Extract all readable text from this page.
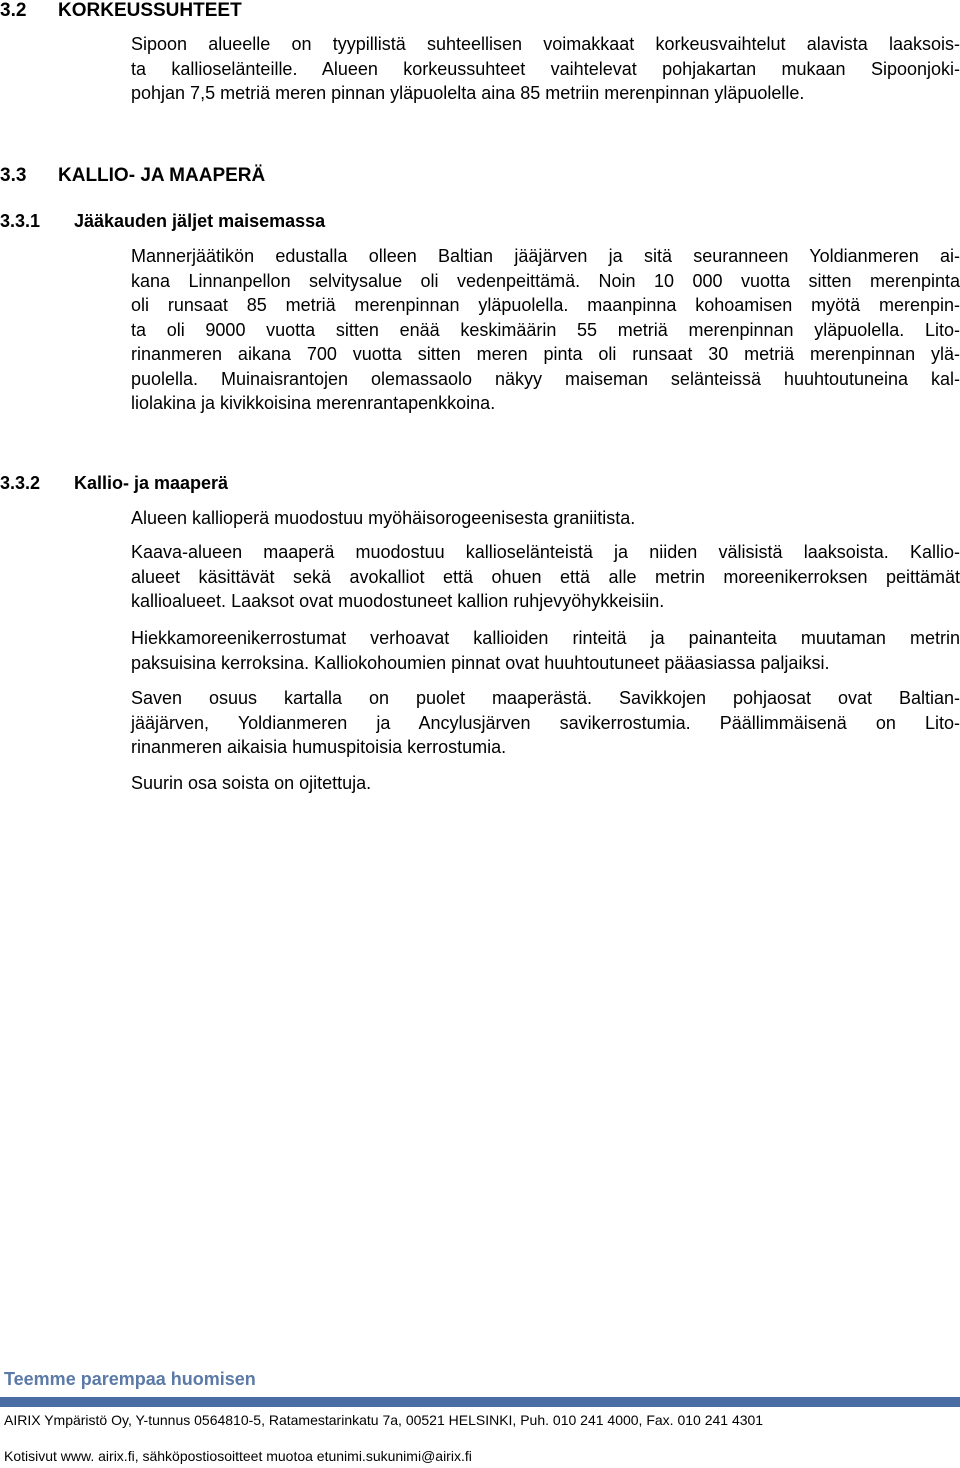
3.2 KORKEUSSUHTEET
Sipoon alueelle on tyypillistä suhteellisen voimakkaat korkeusvaihtelut alavista laaksois-
ta kallioselänteille. Alueen korkeussuhteet vaihtelevat pohjakartan mukaan Sipoonjoki-
pohjan 7,5 metriä meren pinnan yläpuolelta aina 85 metriin merenpinnan yläpuolelle.
3.3 KALLIO- JA MAAPERÄ
3.3.1 Jääkauden jäljet maisemassa
Mannerjäätikön edustalla olleen Baltian jääjärven ja sitä seuranneen Yoldianmeren ai-
kana Linnanpellon selvitysalue oli vedenpeittämä. Noin 10 000 vuotta sitten merenpinta
oli runsaat 85 metriä merenpinnan yläpuolella. maanpinna kohoamisen myötä merenpin-
ta oli 9000 vuotta sitten enää keskimäärin 55 metriä merenpinnan yläpuolella. Lito-
rinanmeren aikana 700 vuotta sitten meren pinta oli runsaat 30 metriä merenpinnan ylä-
puolella. Muinaisrantojen olemassaolo näkyy maiseman selänteissä huuhtoutuneina kal-
liolakina ja kivikkoisina merenrantapenkkoina.
3.3.2 Kallio- ja maaperä
Alueen kallioperä muodostuu myöhäisorogeenisesta graniitista.
Kaava-alueen maaperä muodostuu kallioselänteistä ja niiden välisistä laaksoista. Kallio-
alueet käsittävät sekä avokalliot että ohuen että alle metrin moreenikerroksen peittämät
kallioalueet. Laaksot ovat muodostuneet kallion ruhjevyöhykkeisiin.
Hiekkamoreenikerrostumat verhoavat kallioiden rinteitä ja painanteita muutaman metrin
paksuisina kerroksina. Kalliokohoumien pinnat ovat huuhtoutuneet pääasiassa paljaiksi.
Saven osuus kartalla on puolet maaperästä. Savikkojen pohjaosat ovat Baltian-
jääjärven, Yoldianmeren ja Ancylusjärven savikerrostumia. Päällimmäisenä on Lito-
rinanmeren aikaisia humuspitoisia kerrostumia.
Suurin osa soista on ojitettuja.
Teemme parempaa huomisen
AIRIX Ympäristö Oy, Y-tunnus 0564810-5, Ratamestarinkatu 7a, 00521 HELSINKI, Puh. 010 241 4000, Fax. 010 241 4301
Kotisivut www. airix.fi, sähköpostiosoitteet muotoa etunimi.sukunimi@airix.fi
